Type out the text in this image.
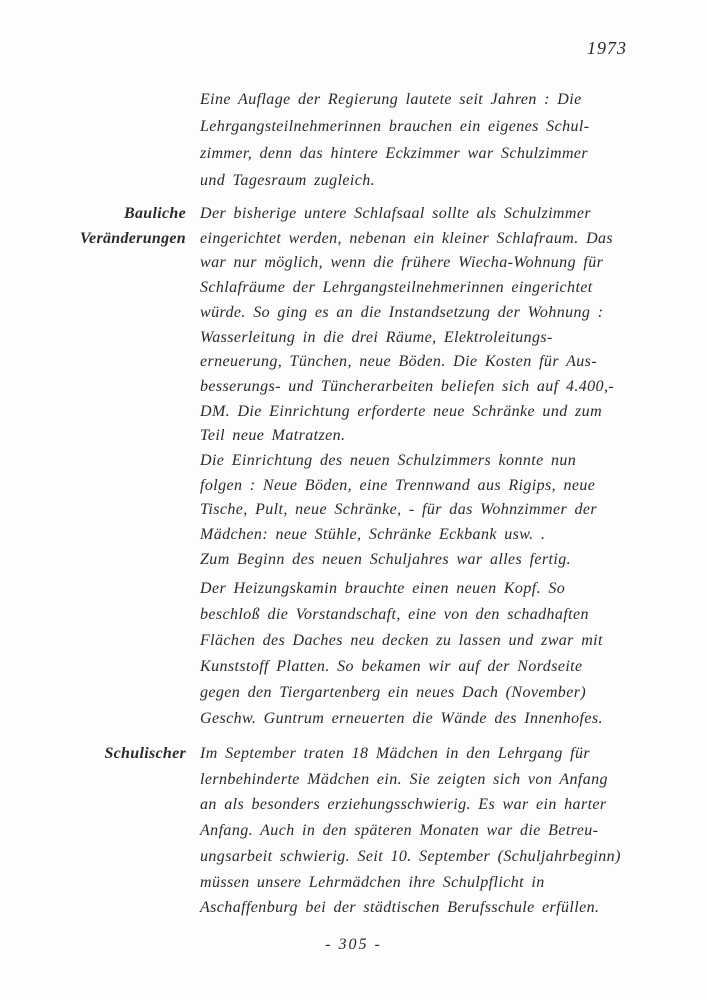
1973
Eine Auflage der Regierung lautete seit Jahren : Die
Lehrgangsteilnehmerinnen brauchen ein eigenes Schul-
zimmer, denn das hintere Eckzimmer war Schulzimmer
und Tagesraum zugleich.
Bauliche
Veränderungen
Der bisherige untere Schlafsaal sollte als Schulzimmer
eingerichtet werden, nebenan ein kleiner Schlafraum. Das
war nur möglich, wenn die frühere Wiecha-Wohnung für
Schlafräume der Lehrgangsteilnehmerinnen eingerichtet
würde. So ging es an die Instandsetzung der Wohnung :
Wasserleitung in die drei Räume, Elektroleitungs-
erneuerung, Tünchen, neue Böden. Die Kosten für Aus-
besserungs- und Tüncherarbeiten beliefen sich auf 4.400,-
DM. Die Einrichtung erforderte neue Schränke und zum
Teil neue Matratzen.
Die Einrichtung des neuen Schulzimmers konnte nun
folgen : Neue Böden, eine Trennwand aus Rigips, neue
Tische, Pult, neue Schränke, - für das Wohnzimmer der
Mädchen: neue Stühle, Schränke Eckbank usw. .
Zum Beginn des neuen Schuljahres war alles fertig.
Der Heizungskamin brauchte einen neuen Kopf. So
beschloß die Vorstandschaft, eine von den schadhaften
Flächen des Daches neu decken zu lassen und zwar mit
Kunststoff Platten. So bekamen wir auf der Nordseite
gegen den Tiergartenberg ein neues Dach (November)
Geschw. Guntrum erneuerten die Wände des Innenhofes.
Schulischer Im September traten 18 Mädchen in den Lehrgang für
lernbehinderte Mädchen ein. Sie zeigten sich von Anfang
an als besonders erziehungsschwierig. Es war ein harter
Anfang. Auch in den späteren Monaten war die Betreu-
ungsarbeit schwierig. Seit 10. September (Schuljahrbeginn)
müssen unsere Lehrmädchen ihre Schulpflicht in
Aschaffenburg bei der städtischen Berufsschule erfüllen.
- 305 -
